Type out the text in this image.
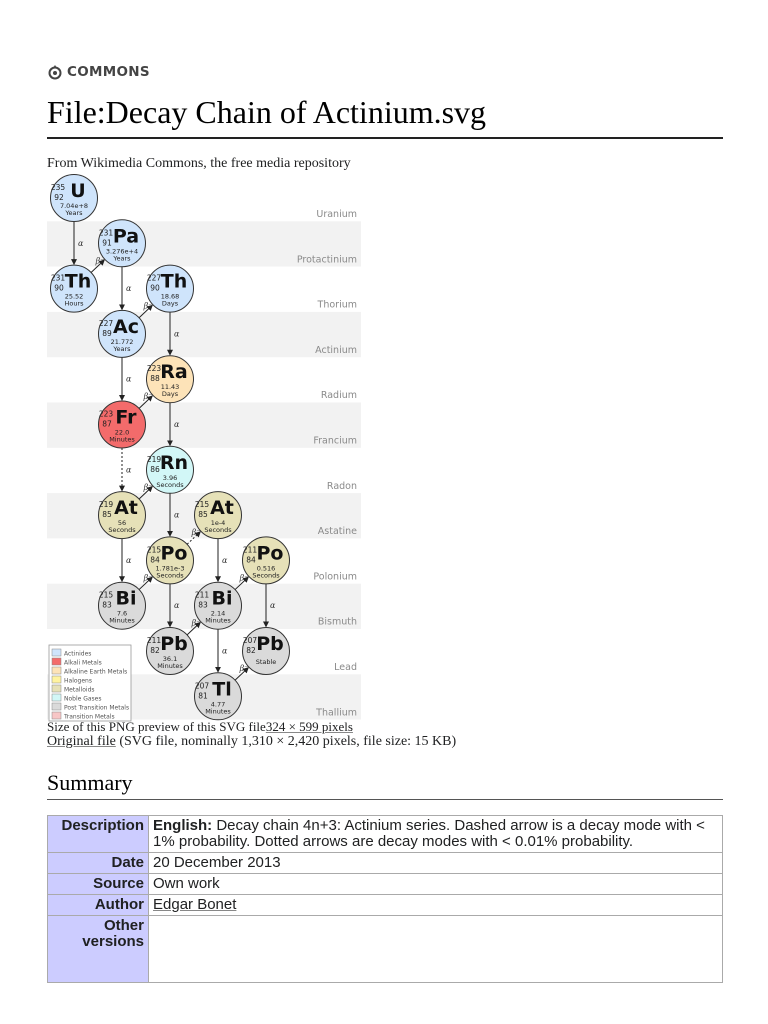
COMMONS
File:Decay Chain of Actinium.svg
From Wikimedia Commons, the free media repository
Uranium
Protactinium
Thorium
Actinium
Radium
Francium
Radon
Astatine
Polonium
Bismuth
Lead
Thallium
α
β⁻
α
β⁻
α
α
β⁻
α
α
β⁻
α
α
β⁻
β⁻
α
α
β⁻
β⁻
α
α
β⁻
U
235
92
7.04e+8
Years
Pa
231
91
3.276e+4
Years
Th
231
90
25.52
Hours
Th
227
90
18.68
Days
Ac
227
89
21.772
Years
Ra
223
88
11.43
Days
Fr
223
87
22.0
Minutes
Rn
219
86
3.96
Seconds
At
219
85
56
Seconds
At
215
85
1e-4
Seconds
Po
215
84
1.781e-3
Seconds
Po
211
84
0.516
Seconds
Bi
215
83
7.6
Minutes
Bi
211
83
2.14
Minutes
Pb
211
82
36.1
Minutes
Pb
207
82
Stable
Tl
207
81
4.77
Minutes
Actinides
Alkali Metals
Alkaline Earth Metals
Halogens
Metalloids
Noble Gases
Post Transition Metals
Transition Metals
Size of this PNG preview of this SVG file324 × 599 pixels
Original file (SVG file, nominally 1,310 × 2,420 pixels, file size: 15 KB)
Summary
Description	English: Decay chain 4n+3: Actinium series. Dashed arrow is a decay mode with < 1% probability. Dotted arrows are decay modes with < 0.01% probability.
Date	20 December 2013
Source	Own work
Author	Edgar Bonet
Other versions	
